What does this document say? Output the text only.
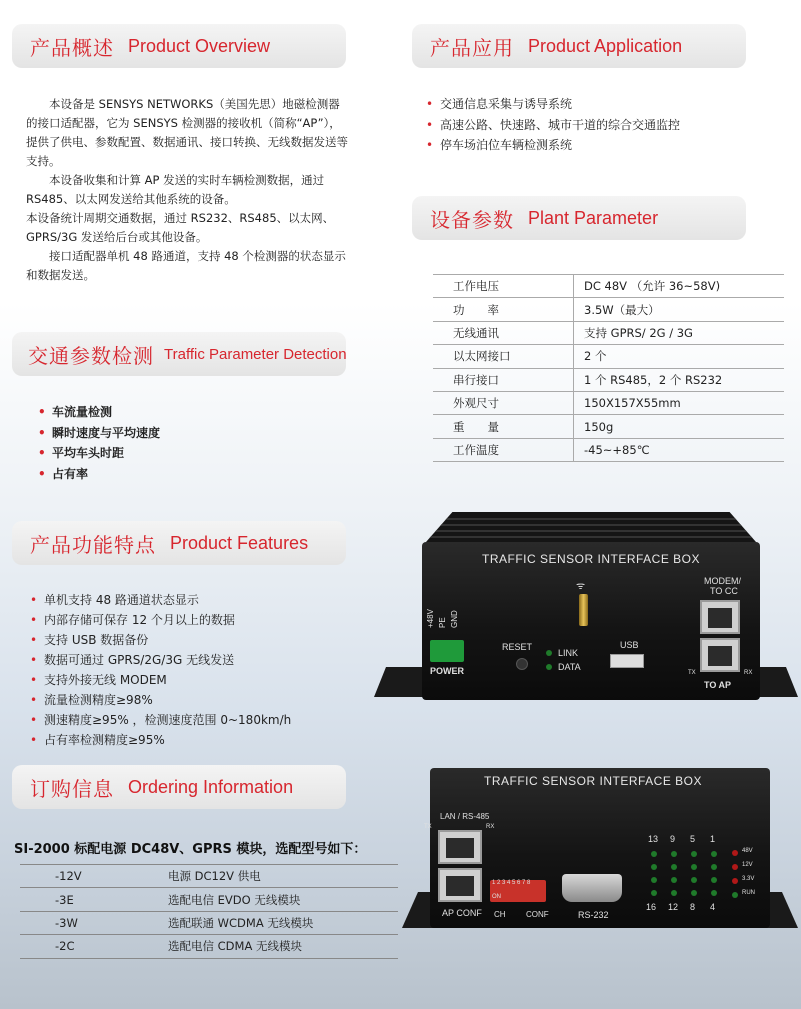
产品概述 Product Overview

　　本设备是 SENSYS NETWORKS（美国先思）地磁检测器的接口适配器，它为 SENSYS 检测器的接收机（简称“AP”），提供了供电、参数配置、数据通讯、接口转换、无线数据发送等支持。

　　本设备收集和计算 AP 发送的实时车辆检测数据，通过 RS485、以太网发送给其他系统的设备。

本设备统计周期交通数据，通过 RS232、RS485、以太网、GPRS/3G 发送给后台或其他设备。

　　接口适配器单机 48 路通道，支持 48 个检测器的状态显示和数据发送。

产品应用 Product Application
• 交通信息采集与诱导系统
• 高速公路、快速路、城市干道的综合交通监控
• 停车场泊位车辆检测系统
设备参数 Plant Parameter
工作电压	DC 48V （允许 36~58V)
功　　率	3.5W（最大）
无线通讯	支持 GPRS/ 2G / 3G
以太网接口	2 个
串行接口	1 个 RS485，2 个 RS232
外观尺寸	150X157X55mm
重　　量	150g
工作温度	-45~+85℃
交通参数检测 Traffic Parameter Detection
• 车流量检测
• 瞬时速度与平均速度
• 平均车头时距
• 占有率
产品功能特点 Product Features
• 单机支持 48 路通道状态显示
• 内部存储可保存 12 个月以上的数据
• 支持 USB 数据备份
• 数据可通过 GPRS/2G/3G 无线发送
• 支持外接无线 MODEM
• 流量检测精度≥98%
• 测速精度≥95% ，检测速度范围 0~180km/h
• 占有率检测精度≥95%
订购信息 Ordering Information
SI-2000 标配电源 DC48V、GPRS 模块，选配型号如下：
-12V	电源 DC12V 供电
-3E	选配电信 EVDO 无线模块
-3W	选配联通 WCDMA 无线模块
-2C	选配电信 CDMA 无线模块
TRAFFIC SENSOR INTERFACE BOX
ᯤ
+48V PE GND
POWER
RESET
LINK
DATA
USB
MODEM/
TO CC
TX	RX
TO AP
TRAFFIC SENSOR INTERFACE BOX
LAN / RS-485
TX	RX
AP CONF
1 2 3 4 5 6 7 8
ON
CH	CONF	RS-232
13 9 5 1
16 12 8 4
48V
12V
3.3V
RUN
